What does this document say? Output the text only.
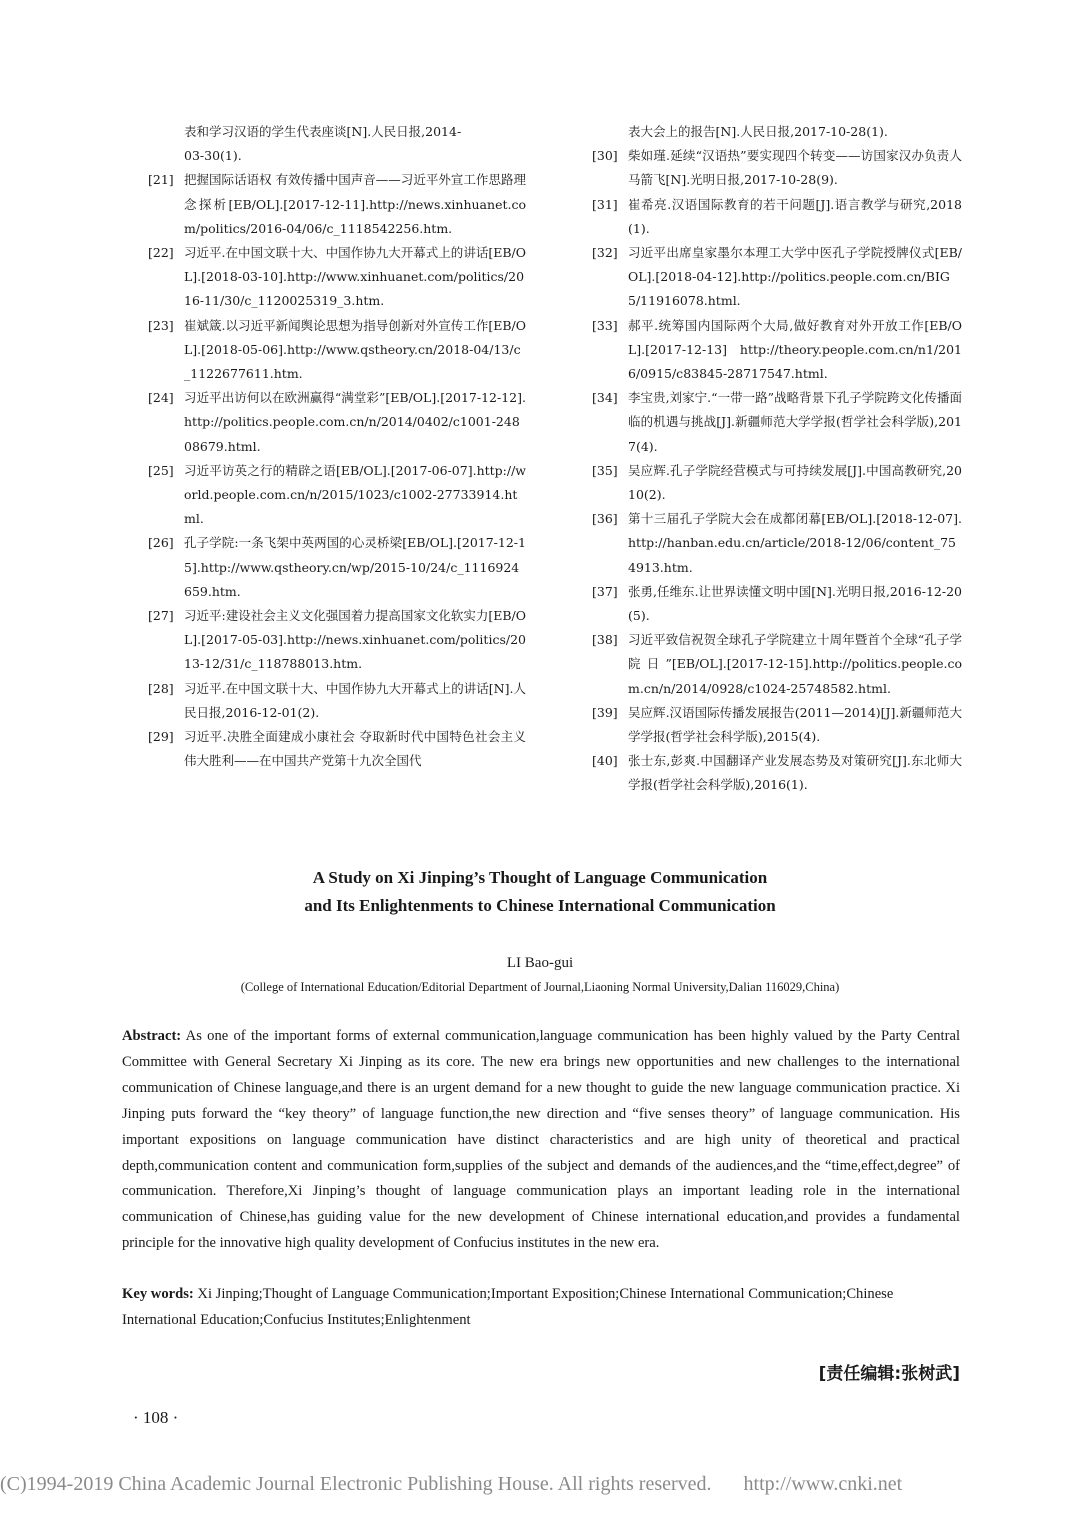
表和学习汉语的学生代表座谈[N].人民日报,2014-
03-30(1).
[21] 把握国际话语权 有效传播中国声音——习近平外宣工作思路理念探析[EB/OL].[2017-12-11].http://news.xinhuanet.com/politics/2016-04/06/c_1118542256.htm.
[22] 习近平.在中国文联十大、中国作协九大开幕式上的讲话[EB/OL].[2018-03-10].http://www.xinhuanet.com/politics/2016-11/30/c_1120025319_3.htm.
[23] 崔斌箴.以习近平新闻舆论思想为指导创新对外宣传工作[EB/OL].[2018-05-06].http://www.qstheory.cn/2018-04/13/c_1122677611.htm.
[24] 习近平出访何以在欧洲赢得“满堂彩”[EB/OL].[2017-12-12].http://politics.people.com.cn/n/2014/0402/c1001-24808679.html.
[25] 习近平访英之行的精辟之语[EB/OL].[2017-06-07].http://world.people.com.cn/n/2015/1023/c1002-27733914.html.
[26] 孔子学院:一条飞架中英两国的心灵桥梁[EB/OL].[2017-12-15].http://www.qstheory.cn/wp/2015-10/24/c_1116924659.htm.
[27] 习近平:建设社会主义文化强国着力提高国家文化软实力[EB/OL].[2017-05-03].http://news.xinhuanet.com/politics/2013-12/31/c_118788013.htm.
[28] 习近平.在中国文联十大、中国作协九大开幕式上的讲话[N].人民日报,2016-12-01(2).
[29] 习近平.决胜全面建成小康社会 夺取新时代中国特色社会主义伟大胜利——在中国共产党第十九次全国代
表大会上的报告[N].人民日报,2017-10-28(1).
[30] 柴如瑾.延续“汉语热”要实现四个转变——访国家汉办负责人马箭飞[N].光明日报,2017-10-28(9).
[31] 崔希亮.汉语国际教育的若干问题[J].语言教学与研究,2018(1).
[32] 习近平出席皇家墨尔本理工大学中医孔子学院授牌仪式[EB/OL].[2018-04-12].http://politics.people.com.cn/BIG5/11916078.html.
[33] 郝平.统筹国内国际两个大局,做好教育对外开放工作[EB/OL].[2017-12-13] http://theory.people.com.cn/n1/2016/0915/c83845-28717547.html.
[34] 李宝贵,刘家宁.“一带一路”战略背景下孔子学院跨文化传播面临的机遇与挑战[J].新疆师范大学学报(哲学社会科学版),2017(4).
[35] 吴应辉.孔子学院经营模式与可持续发展[J].中国高教研究,2010(2).
[36] 第十三届孔子学院大会在成都闭幕[EB/OL].[2018-12-07].http://hanban.edu.cn/article/2018-12/06/content_754913.htm.
[37] 张勇,任维东.让世界读懂文明中国[N].光明日报,2016-12-20(5).
[38] 习近平致信祝贺全球孔子学院建立十周年暨首个全球“孔子学院日”[EB/OL].[2017-12-15].http://politics.people.com.cn/n/2014/0928/c1024-25748582.html.
[39] 吴应辉.汉语国际传播发展报告(2011—2014)[J].新疆师范大学学报(哲学社会科学版),2015(4).
[40] 张士东,彭爽.中国翻译产业发展态势及对策研究[J].东北师大学报(哲学社会科学版),2016(1).
A Study on Xi Jinping’s Thought of Language Communication
and Its Enlightenments to Chinese International Communication
LI Bao-gui
(College of International Education/Editorial Department of Journal,Liaoning Normal University,Dalian 116029,China)
Abstract: As one of the important forms of external communication,language communication has been highly valued by the Party Central Committee with General Secretary Xi Jinping as its core. The new era brings new opportunities and new challenges to the international communication of Chinese language,and there is an urgent demand for a new thought to guide the new language communication practice. Xi Jinping puts forward the “key theory” of language function,the new direction and “five senses theory” of language communication. His important expositions on language communication have distinct characteristics and are high unity of theoretical and practical depth,communication content and communication form,supplies of the subject and demands of the audiences,and the “time,effect,degree” of communication. Therefore,Xi Jinping’s thought of language communication plays an important leading role in the international communication of Chinese,has guiding value for the new development of Chinese international education,and provides a fundamental principle for the innovative high quality development of Confucius institutes in the new era.
Key words: Xi Jinping;Thought of Language Communication;Important Exposition;Chinese International Communication;Chinese International Education;Confucius Institutes;Enlightenment
[责任编辑:张树武]
· 108 ·
(C)1994-2019 China Academic Journal Electronic Publishing House. All rights reserved. http://www.cnki.net
